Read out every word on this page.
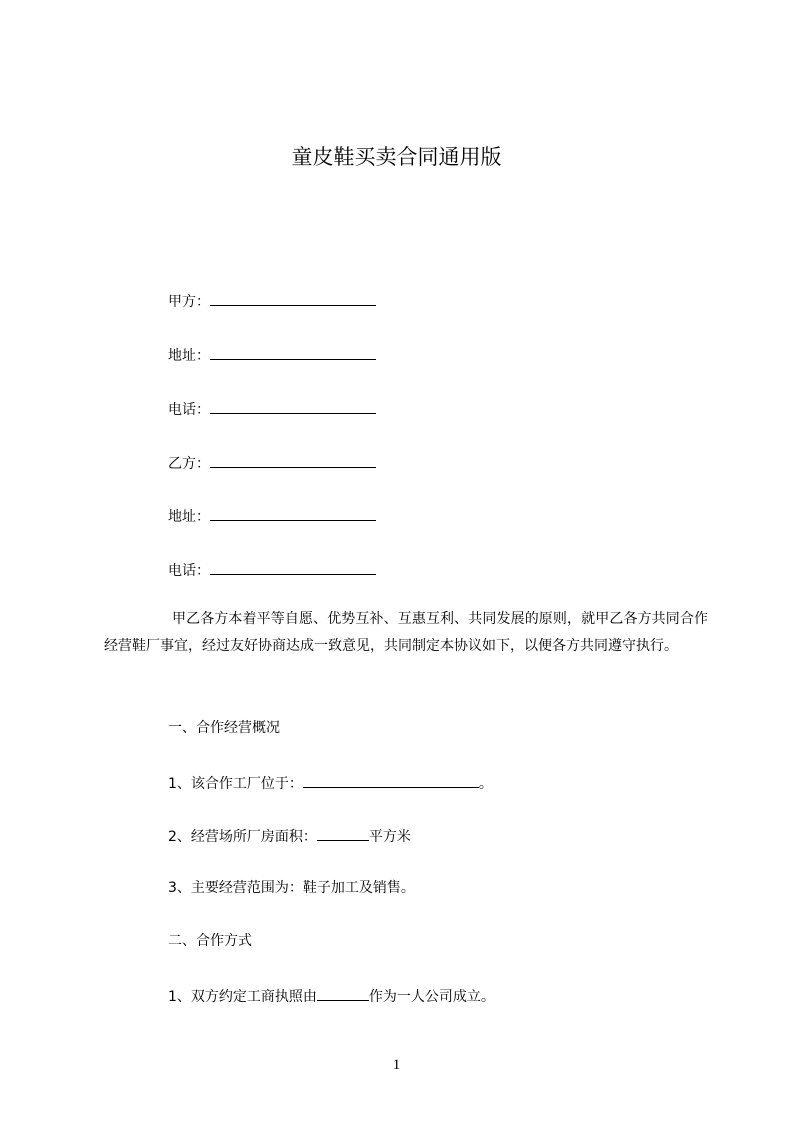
童皮鞋买卖合同通用版
甲方：
地址：
电话：
乙方：
地址：
电话：

甲乙各方本着平等自愿、优势互补、互惠互利、共同发展的原则，就甲乙各方共同合作经营鞋厂事宜，经过友好协商达成一致意见，共同制定本协议如下，以便各方共同遵守执行。

一、合作经营概况
1、该合作工厂位于：	。
2、经营场所厂房面积：	平方米
3、主要经营范围为：鞋子加工及销售。
二、合作方式
1、双方约定工商执照由	作为一人公司成立。
1
